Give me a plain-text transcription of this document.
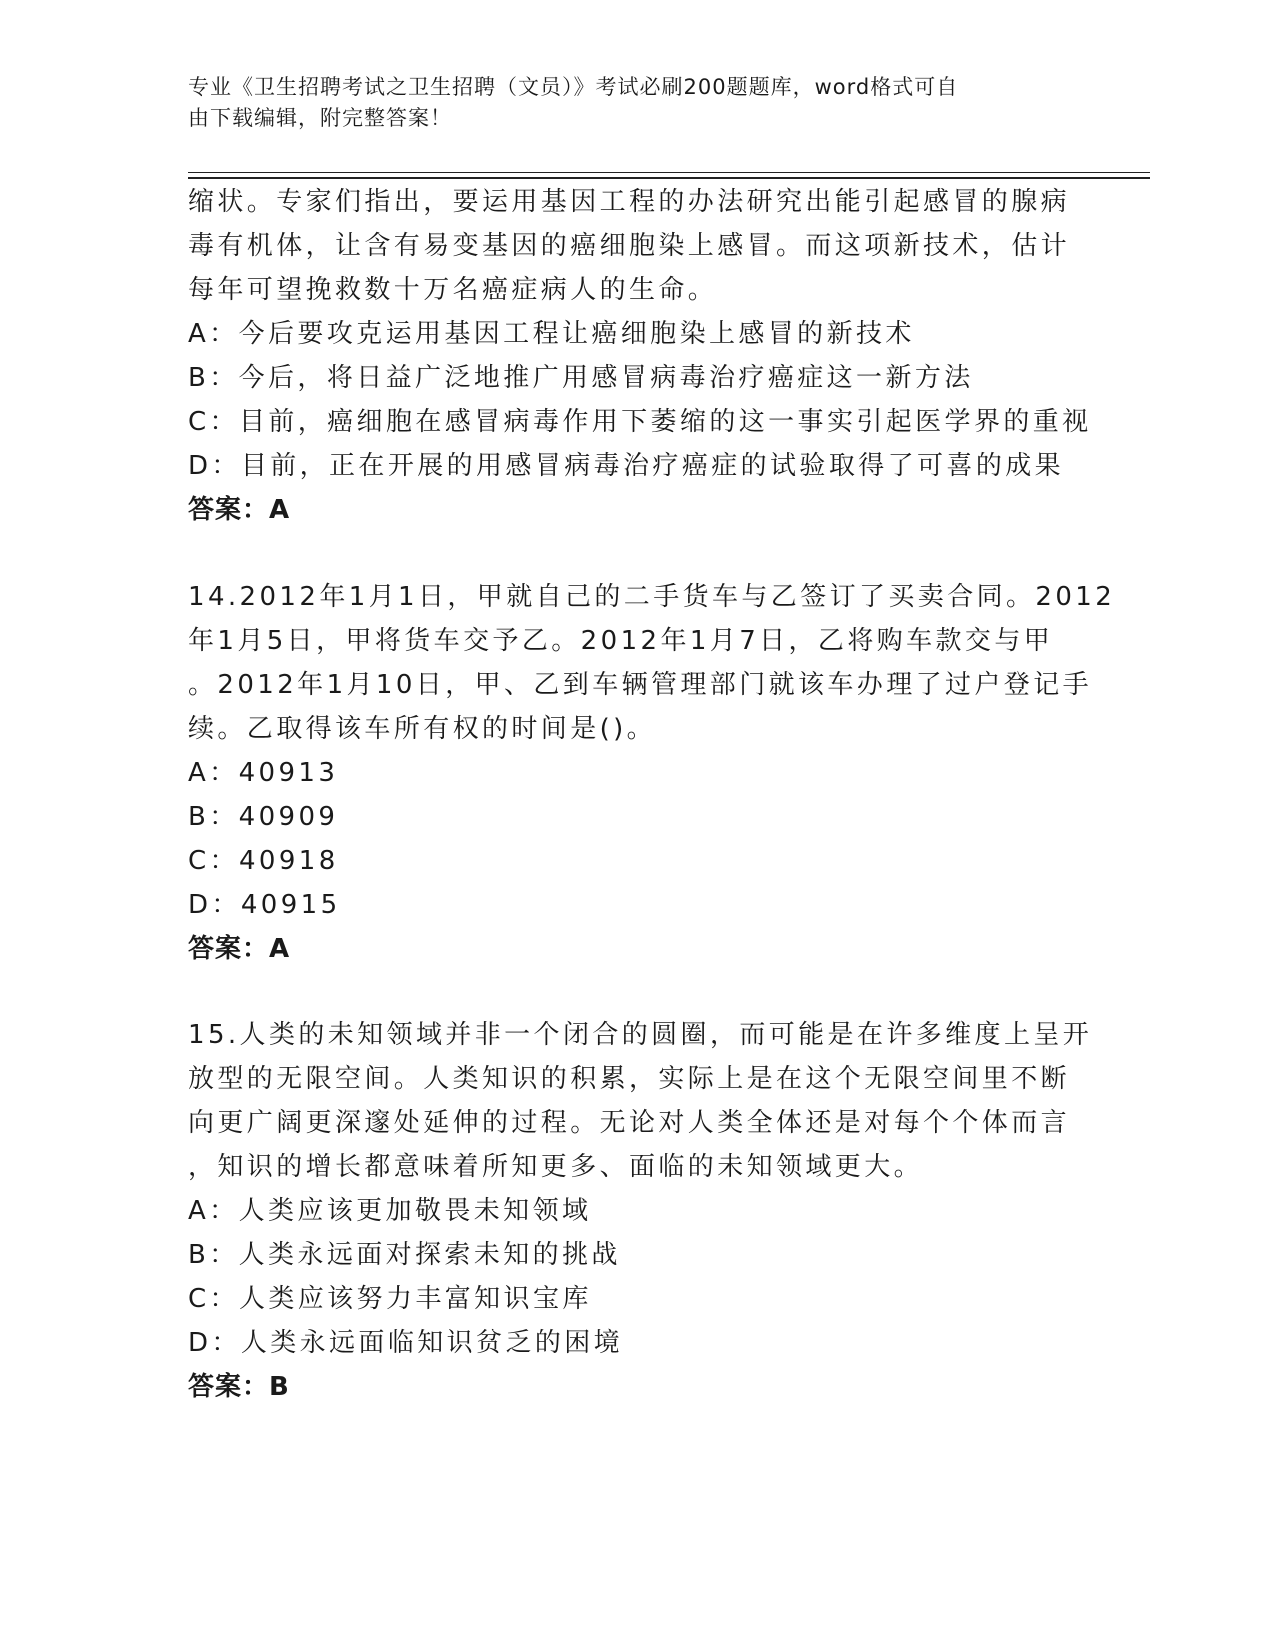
专业《卫生招聘考试之卫生招聘（文员）》考试必刷200题题库，word格式可自
由下载编辑，附完整答案！
缩状。专家们指出，要运用基因工程的办法研究出能引起感冒的腺病
毒有机体，让含有易变基因的癌细胞染上感冒。而这项新技术，估计
每年可望挽救数十万名癌症病人的生命。
A：今后要攻克运用基因工程让癌细胞染上感冒的新技术
B：今后，将日益广泛地推广用感冒病毒治疗癌症这一新方法
C：目前，癌细胞在感冒病毒作用下萎缩的这一事实引起医学界的重视
D：目前，正在开展的用感冒病毒治疗癌症的试验取得了可喜的成果
答案：A
14.2012年1月1日，甲就自己的二手货车与乙签订了买卖合同。2012
年1月5日，甲将货车交予乙。2012年1月7日，乙将购车款交与甲
。2012年1月10日，甲、乙到车辆管理部门就该车办理了过户登记手
续。乙取得该车所有权的时间是()。
A：40913
B：40909
C：40918
D：40915
答案：A
15.人类的未知领域并非一个闭合的圆圈，而可能是在许多维度上呈开
放型的无限空间。人类知识的积累，实际上是在这个无限空间里不断
向更广阔更深邃处延伸的过程。无论对人类全体还是对每个个体而言
，知识的增长都意味着所知更多、面临的未知领域更大。
A：人类应该更加敬畏未知领域
B：人类永远面对探索未知的挑战
C：人类应该努力丰富知识宝库
D：人类永远面临知识贫乏的困境
答案：B
